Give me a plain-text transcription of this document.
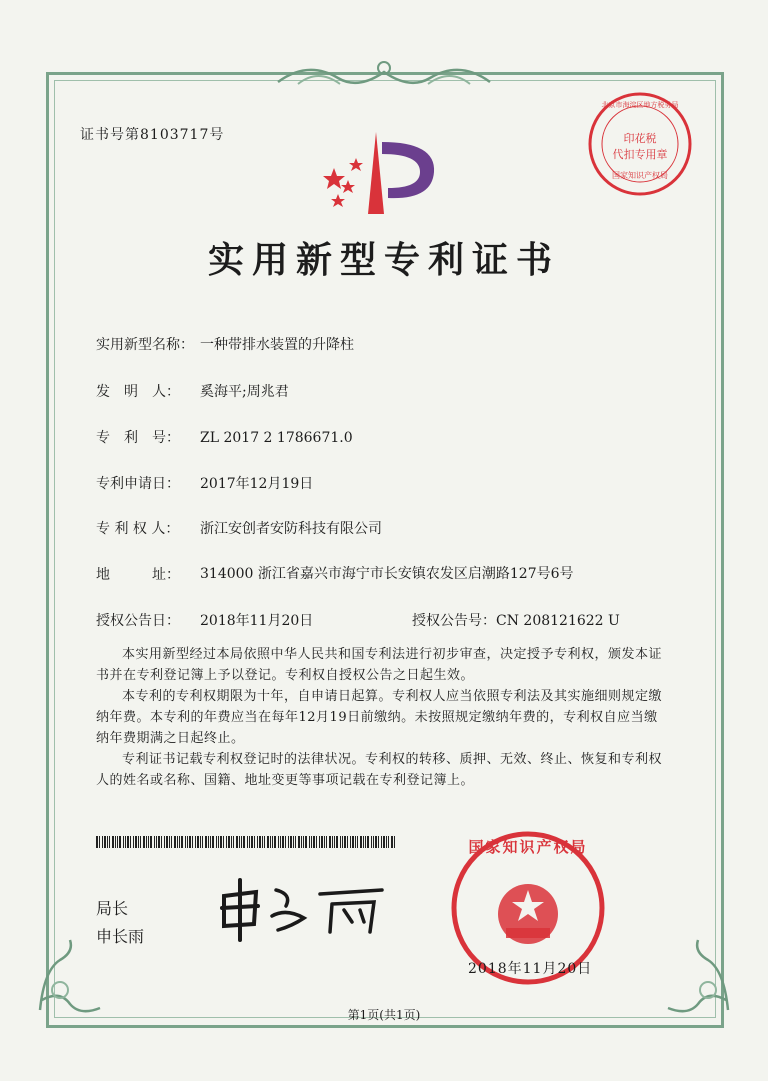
证书号第8103717号
北京市海淀区地方税务局
印花税
代扣专用章
国家知识产权局
实用新型专利证书
实用新型名称： 一种带排水装置的升降柱
发　明　人： 奚海平;周兆君
专　利　号： ZL 2017 2 1786671.0
专利申请日： 2017年12月19日
专 利 权 人： 浙江安创者安防科技有限公司
地　　　址： 314000 浙江省嘉兴市海宁市长安镇农发区启潮路127号6号
授权公告日： 2018年11月20日	授权公告号：CN 208121622 U

本实用新型经过本局依照中华人民共和国专利法进行初步审查，决定授予专利权，颁发本证书并在专利登记簿上予以登记。专利权自授权公告之日起生效。

本专利的专利权期限为十年，自申请日起算。专利权人应当依照专利法及其实施细则规定缴纳年费。本专利的年费应当在每年12月19日前缴纳。未按照规定缴纳年费的，专利权自应当缴纳年费期满之日起终止。

专利证书记载专利权登记时的法律状况。专利权的转移、质押、无效、终止、恢复和专利权人的姓名或名称、国籍、地址变更等事项记载在专利登记簿上。

局长
申长雨
国家知识产权局
2018年11月20日
第1页(共1页)
